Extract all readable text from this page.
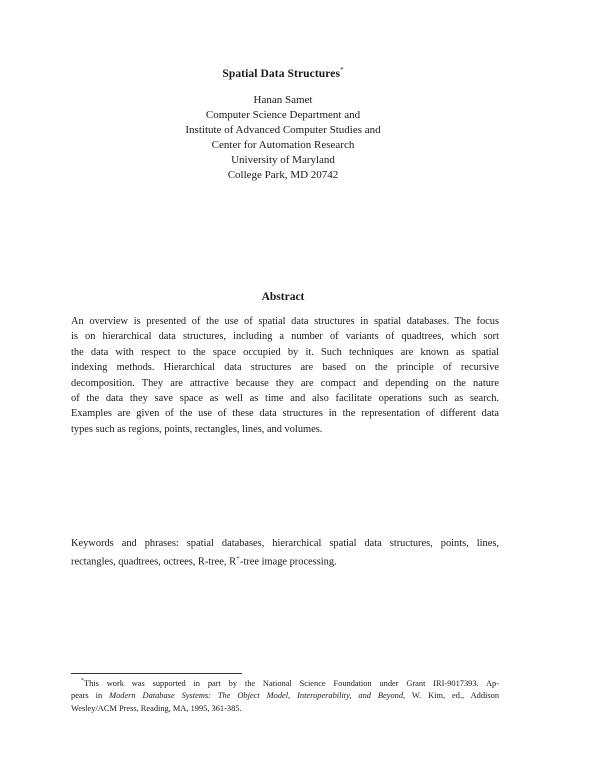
Spatial Data Structures*
Hanan Samet
Computer Science Department and
Institute of Advanced Computer Studies and
Center for Automation Research
University of Maryland
College Park, MD 20742
Abstract
An overview is presented of the use of spatial data structures in spatial databases. The focus
is on hierarchical data structures, including a number of variants of quadtrees, which sort
the data with respect to the space occupied by it. Such techniques are known as spatial
indexing methods. Hierarchical data structures are based on the principle of recursive
decomposition. They are attractive because they are compact and depending on the nature
of the data they save space as well as time and also facilitate operations such as search.
Examples are given of the use of these data structures in the representation of different data
types such as regions, points, rectangles, lines, and volumes.
Keywords and phrases: spatial databases, hierarchical spatial data structures, points, lines,
rectangles, quadtrees, octrees, R-tree, R+-tree image processing.
*This work was supported in part by the National Science Foundation under Grant IRI-9017393. Ap-
pears in Modern Database Systems: The Object Model, Interoperability, and Beyond, W. Kim, ed., Addison
Wesley/ACM Press, Reading, MA, 1995, 361-385.
